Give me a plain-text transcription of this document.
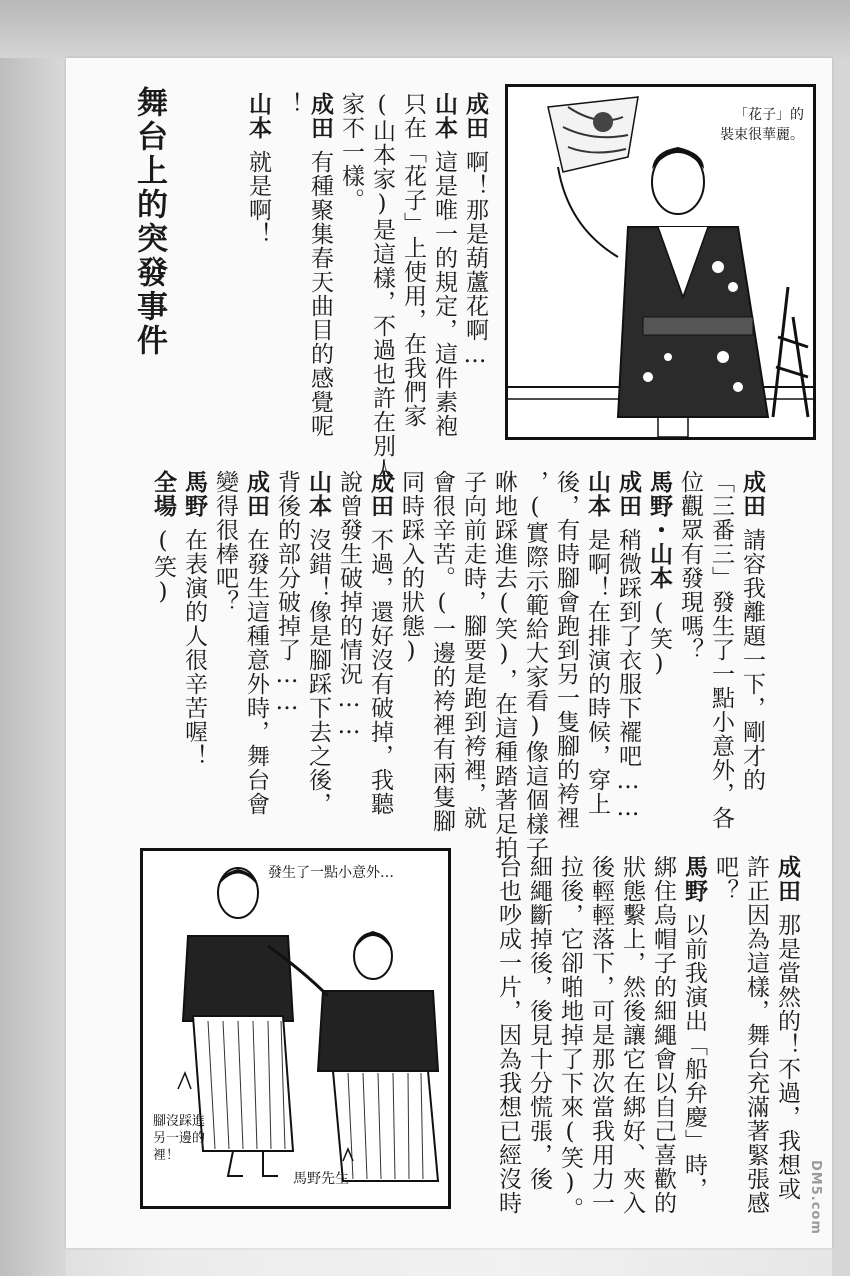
舞台上的突發事件	成田啊！那是葫蘆花啊…
山本這是唯一的規定，這件素袍
只在「花子」上使用，在我們家
(山本家)是這樣，不過也許在別人
家不一樣。
成田有種聚集春天曲目的感覺呢
！
山本就是啊！
「花子」的
裝束很華麗。
成田請容我離題一下，剛才的
「三番三」發生了一點小意外，各
位觀眾有發現嗎？
馬野・山本(笑)
成田稍微踩到了衣服下襬吧……
山本是啊！在排演的時候，穿上
後，有時腳會跑到另一隻腳的袴裡
，(實際示範給大家看)像這個樣子
咻地踩進去(笑)，在這種踏著足拍
子向前走時，腳要是跑到袴裡，就
會很辛苦。(一邊的袴裡有兩隻腳
同時踩入的狀態)
成田不過，還好沒有破掉，我聽
說曾發生破掉的情況……
山本沒錯！像是腳踩下去之後，
背後的部分破掉了……
成田在發生這種意外時，舞台會
變得很棒吧？
馬野在表演的人很辛苦喔！
全場(笑)
發生了一點小意外…
腳沒踩進
另一邊的
裡！
馬野先生
成田那是當然的！不過，我想或
許正因為這樣，舞台充滿著緊張感
吧？
馬野以前我演出「船弁慶」時，
綁住烏帽子的細繩會以自己喜歡的
狀態繫上，然後讓它在綁好、夾入
後輕輕落下，可是那次當我用力一
拉後，它卻啪地掉了下來(笑)。
細繩斷掉後，後見十分慌張，後
台也吵成一片，因為我想已經沒時	DM5.com
